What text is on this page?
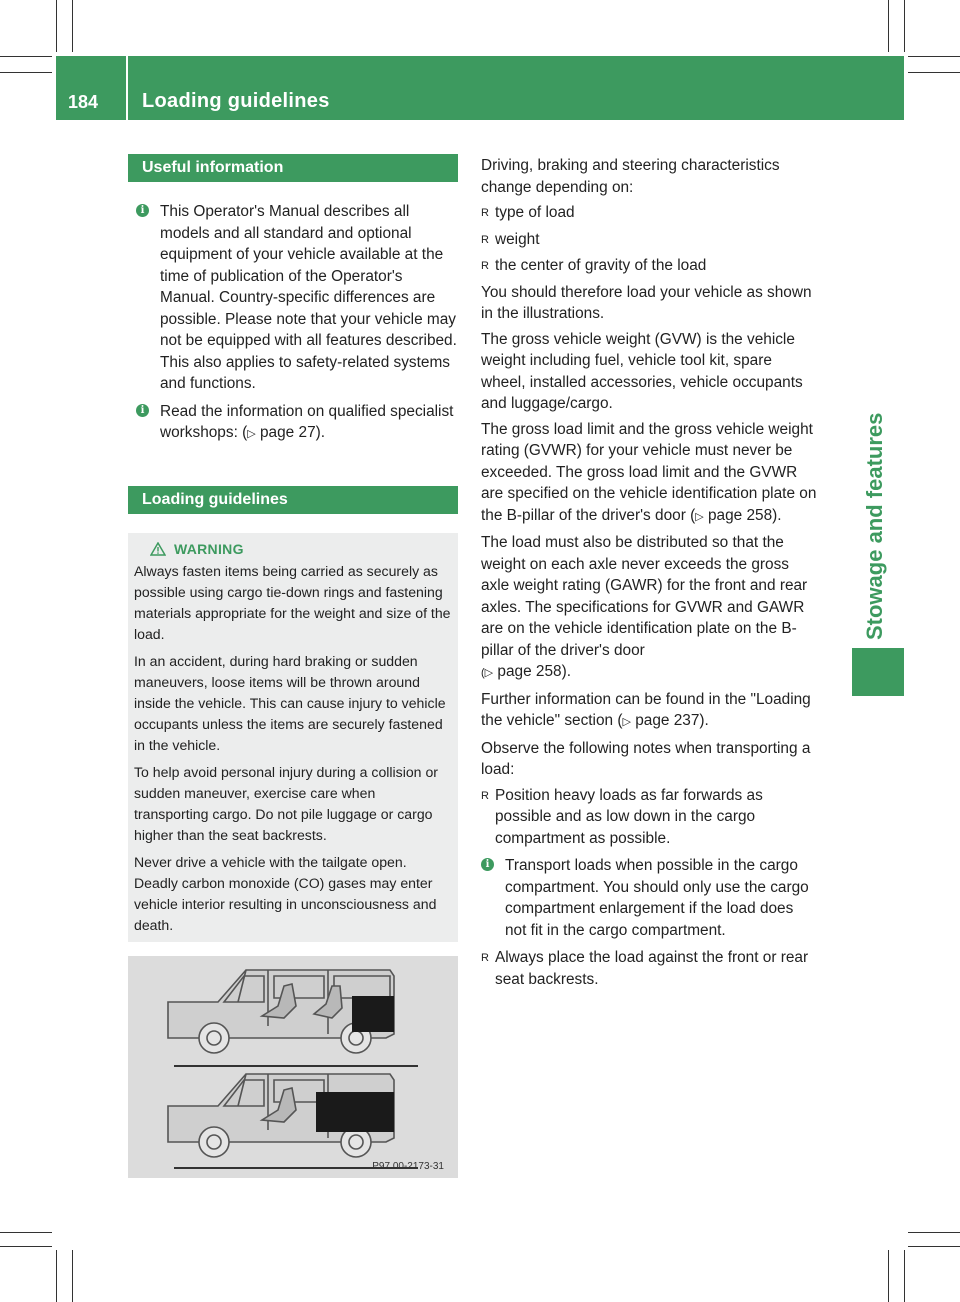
184 Loading guidelines
Stowage and features
Useful information
i This Operator's Manual describes all models and all standard and optional equipment of your vehicle available at the time of publication of the Operator's Manual. Country-specific differences are possible. Please note that your vehicle may not be equipped with all features described. This also applies to safety-related systems and functions.
i Read the information on qualified specialist workshops: (▷ page 27).
Loading guidelines
WARNING

Always fasten items being carried as securely as possible using cargo tie-down rings and fastening materials appropriate for the weight and size of the load.

In an accident, during hard braking or sudden maneuvers, loose items will be thrown around inside the vehicle. This can cause injury to vehicle occupants unless the items are securely fastened in the vehicle.

To help avoid personal injury during a collision or sudden maneuver, exercise care when transporting cargo. Do not pile luggage or cargo higher than the seat backrests.

Never drive a vehicle with the tailgate open. Deadly carbon monoxide (CO) gases may enter vehicle interior resulting in unconsciousness and death.

P97.00-2173-31

Driving, braking and steering characteristics change depending on:

R type of load
R weight
R the center of gravity of the load

You should therefore load your vehicle as shown in the illustrations.

The gross vehicle weight (GVW) is the vehicle weight including fuel, vehicle tool kit, spare wheel, installed accessories, vehicle occupants and luggage/cargo.

The gross load limit and the gross vehicle weight rating (GVWR) for your vehicle must never be exceeded. The gross load limit and the GVWR are specified on the vehicle identification plate on the B-pillar of the driver's door (▷ page 258).

The load must also be distributed so that the weight on each axle never exceeds the gross axle weight rating (GAWR) for the front and rear axles. The specifications for GVWR and GAWR are on the vehicle identification plate on the B-pillar of the driver's door
(▷ page 258).

Further information can be found in the "Loading the vehicle" section (▷ page 237).

Observe the following notes when transporting a load:

R Position heavy loads as far forwards as possible and as low down in the cargo compartment as possible.
i Transport loads when possible in the cargo compartment. You should only use the cargo compartment enlargement if the load does not fit in the cargo compartment.
R Always place the load against the front or rear seat backrests.
